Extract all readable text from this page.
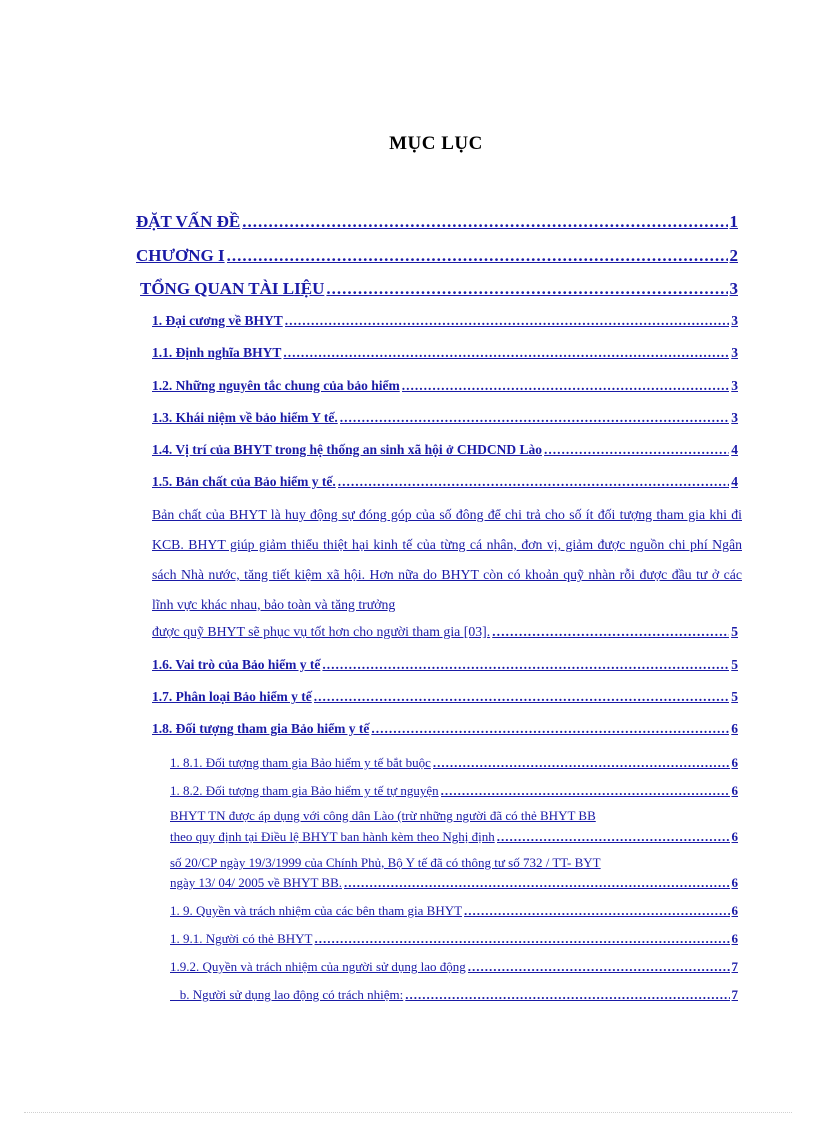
MỤC LỤC
ĐẶT VẤN ĐỀ .....	1
CHƯƠNG I .....	2
TỔNG QUAN TÀI LIỆU .....	3
1. Đại cương về BHYT .....	3
1.1. Định nghĩa BHYT .....	3
1.2. Những nguyên tắc chung của bảo hiểm .....	3
1.3. Khái niệm về bảo hiểm Y tế. .....	3
1.4. Vị trí của BHYT trong hệ thống an sinh xã hội ở CHDCND Lào .....	4
1.5. Bản chất của Bảo hiểm y tế. .....	4
Bản chất của BHYT là huy động sự đóng góp của số đông để chi trả cho số ít đối tượng tham gia khi đi KCB. BHYT giúp giảm thiểu thiệt hại kinh tế của từng cá nhân, đơn vị, giảm được nguồn chi phí Ngân sách Nhà nước, tăng tiết kiệm xã hội. Hơn nữa do BHYT còn có khoản quỹ nhàn rỗi được đầu tư ở các lĩnh vực khác nhau, bảo toàn và tăng trưởng
được quỹ BHYT sẽ phục vụ tốt hơn cho người tham gia [03]. .....	5
1.6. Vai trò của Bảo hiểm y tế .....	5
1.7. Phân loại Bảo hiểm y tế .....	5
1.8. Đối tượng tham gia Bảo hiểm y tế .....	6
1. 8.1. Đối tượng tham gia Bảo hiểm y tế bắt buộc .....	6
1. 8.2. Đối tượng tham gia Bảo hiểm y tế tự nguyện .....	6
BHYT TN được áp dụng với công dân Lào (trừ những người đã có thẻ BHYT BB
theo quy định tại Điều lệ BHYT ban hành kèm theo Nghị định .....	6
số 20/CP ngày 19/3/1999 của Chính Phủ, Bộ Y tế đã có thông tư số 732 / TT- BYT
ngày 13/ 04/ 2005 về BHYT BB. .....	6
1. 9. Quyền và trách nhiệm của các bên tham gia BHYT .....	6
1. 9.1. Người có thẻ BHYT .....	6
1.9.2. Quyền và trách nhiệm của người sử dụng lao động .....	7
b. Người sử dụng lao động có trách nhiệm: .....	7
